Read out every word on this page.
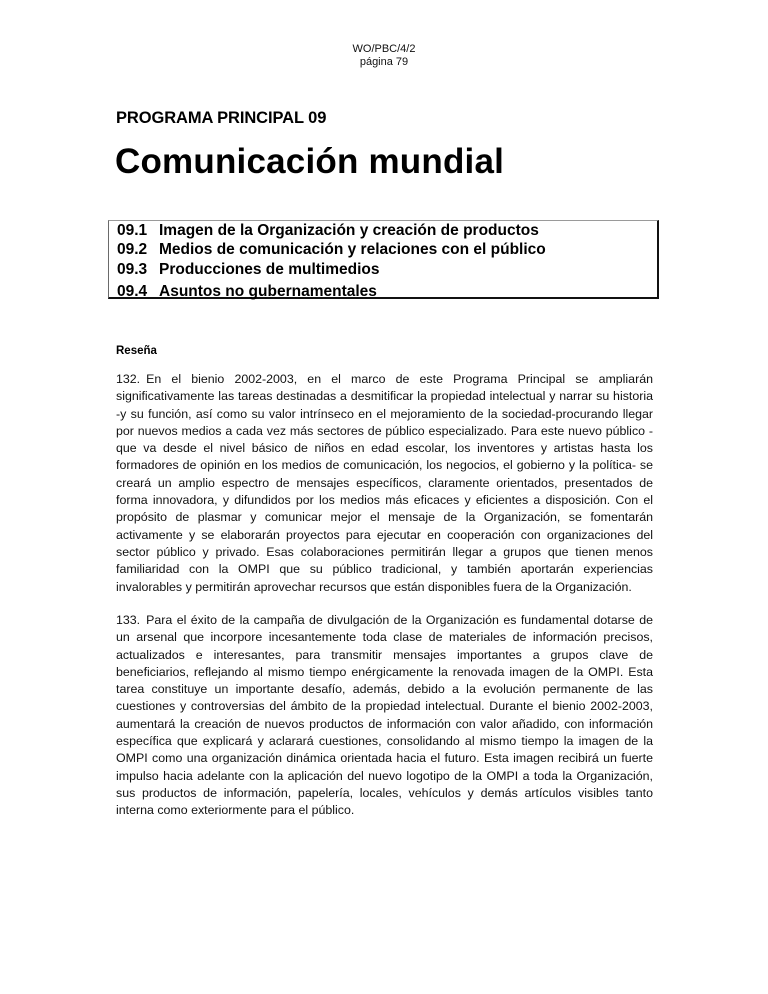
WO/PBC/4/2
página 79
PROGRAMA PRINCIPAL 09
Comunicación mundial
09.1 Imagen de la Organización y creación de productos
09.2 Medios de comunicación y relaciones con el público
09.3 Producciones de multimedios
09.4 Asuntos no gubernamentales
Reseña

132. En el bienio 2002-2003, en el marco de este Programa Principal se ampliarán significativamente las tareas destinadas a desmitificar la propiedad intelectual y narrar su historia -y su función, así como su valor intrínseco en el mejoramiento de la sociedad-procurando llegar por nuevos medios a cada vez más sectores de público especializado. Para este nuevo público -que va desde el nivel básico de niños en edad escolar, los inventores y artistas hasta los formadores de opinión en los medios de comunicación, los negocios, el gobierno y la política- se creará un amplio espectro de mensajes específicos, claramente orientados, presentados de forma innovadora, y difundidos por los medios más eficaces y eficientes a disposición. Con el propósito de plasmar y comunicar mejor el mensaje de la Organización, se fomentarán activamente y se elaborarán proyectos para ejecutar en cooperación con organizaciones del sector público y privado. Esas colaboraciones permitirán llegar a grupos que tienen menos familiaridad con la OMPI que su público tradicional, y también aportarán experiencias invalorables y permitirán aprovechar recursos que están disponibles fuera de la Organización.

133. Para el éxito de la campaña de divulgación de la Organización es fundamental dotarse de un arsenal que incorpore incesantemente toda clase de materiales de información precisos, actualizados e interesantes, para transmitir mensajes importantes a grupos clave de beneficiarios, reflejando al mismo tiempo enérgicamente la renovada imagen de la OMPI. Esta tarea constituye un importante desafío, además, debido a la evolución permanente de las cuestiones y controversias del ámbito de la propiedad intelectual. Durante el bienio 2002-2003, aumentará la creación de nuevos productos de información con valor añadido, con información específica que explicará y aclarará cuestiones, consolidando al mismo tiempo la imagen de la OMPI como una organización dinámica orientada hacia el futuro. Esta imagen recibirá un fuerte impulso hacia adelante con la aplicación del nuevo logotipo de la OMPI a toda la Organización, sus productos de información, papelería, locales, vehículos y demás artículos visibles tanto interna como exteriormente para el público.
